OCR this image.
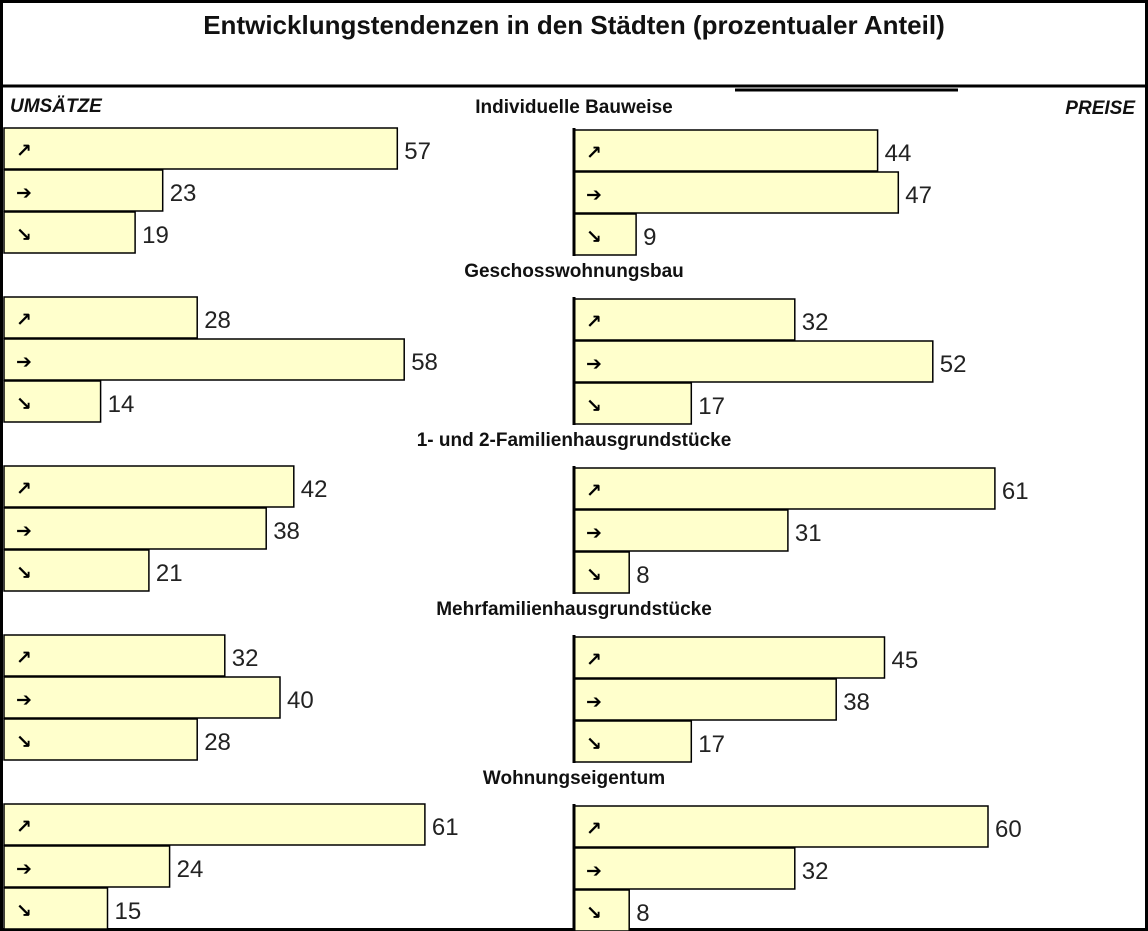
Entwicklungstendenzen in den Städten (prozentualer Anteil)
UMSÄTZE	PREISE
Individuelle Bauweise
↗	57
➔	23
↘	19
↗	44
➔	47
↘ 9
Geschosswohnungsbau
↗	28
➔	58
↘	14
↗	32
➔	52
↘	17
1- und 2-Familienhausgrundstücke
↗	42
➔	38
↘	21
↗	61
➔	31
↘ 8
Mehrfamilienhausgrundstücke
↗	32
➔	40
↘	28
↗	45
➔	38
↘	17
Wohnungseigentum
↗	61
➔	24
↘	15
↗	60
➔	32
↘ 8
